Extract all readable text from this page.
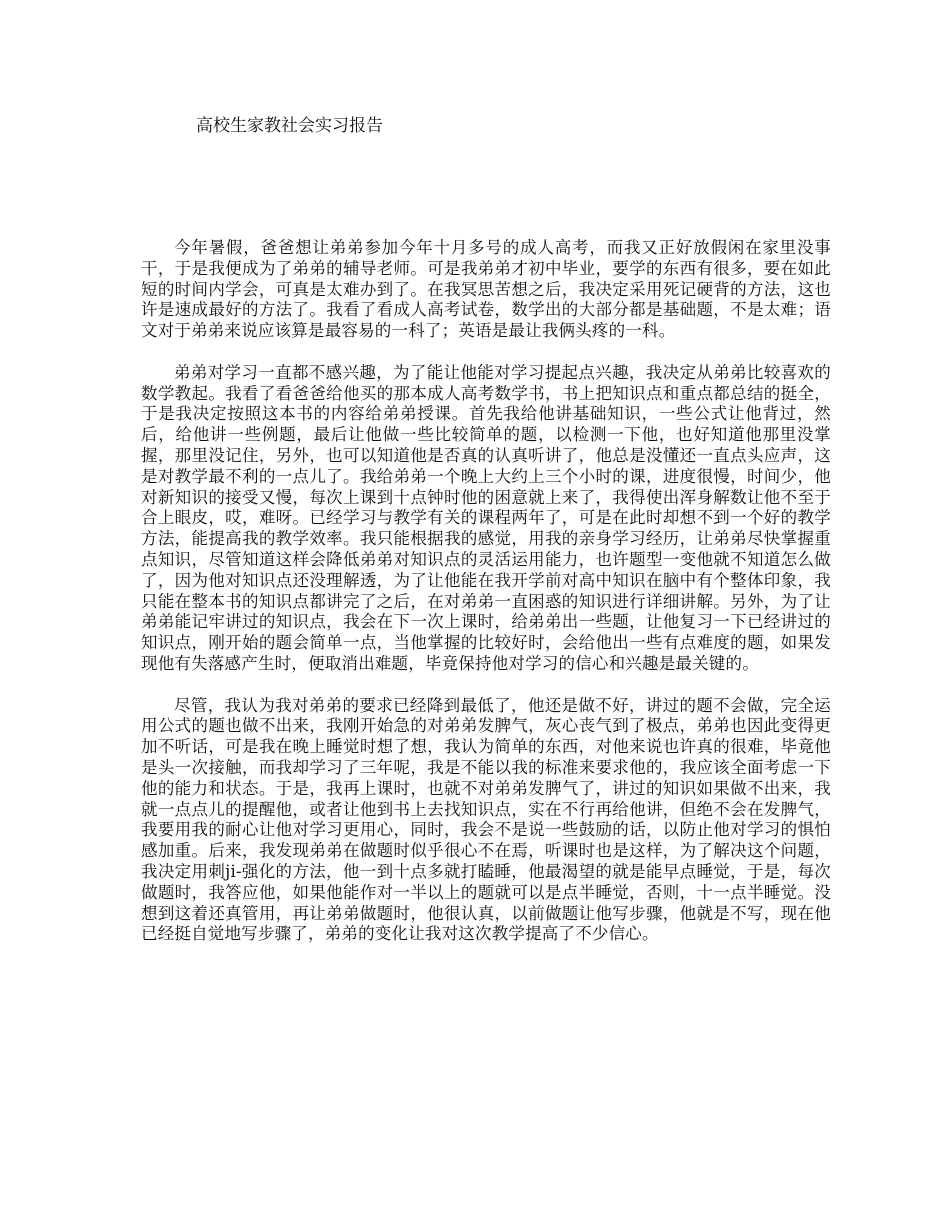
高校生家教社会实习报告

今年暑假，爸爸想让弟弟参加今年十月多号的成人高考，而我又正好放假闲在家里没事干，于是我便成为了弟弟的辅导老师。可是我弟弟才初中毕业，要学的东西有很多，要在如此短的时间内学会，可真是太难办到了。在我冥思苦想之后，我决定采用死记硬背的方法，这也许是速成最好的方法了。我看了看成人高考试卷，数学出的大部分都是基础题，不是太难；语文对于弟弟来说应该算是最容易的一科了；英语是最让我俩头疼的一科。

弟弟对学习一直都不感兴趣，为了能让他能对学习提起点兴趣，我决定从弟弟比较喜欢的数学教起。我看了看爸爸给他买的那本成人高考数学书，书上把知识点和重点都总结的挺全，于是我决定按照这本书的内容给弟弟授课。首先我给他讲基础知识，一些公式让他背过，然后，给他讲一些例题，最后让他做一些比较简单的题，以检测一下他，也好知道他那里没掌握，那里没记住，另外，也可以知道他是否真的认真听讲了，他总是没懂还一直点头应声，这是对教学最不利的一点儿了。我给弟弟一个晚上大约上三个小时的课，进度很慢，时间少，他对新知识的接受又慢，每次上课到十点钟时他的困意就上来了，我得使出浑身解数让他不至于合上眼皮，哎，难呀。已经学习与教学有关的课程两年了，可是在此时却想不到一个好的教学方法，能提高我的教学效率。我只能根据我的感觉，用我的亲身学习经历，让弟弟尽快掌握重点知识，尽管知道这样会降低弟弟对知识点的灵活运用能力，也许题型一变他就不知道怎么做了，因为他对知识点还没理解透，为了让他能在我开学前对高中知识在脑中有个整体印象，我只能在整本书的知识点都讲完了之后，在对弟弟一直困惑的知识进行详细讲解。另外，为了让弟弟能记牢讲过的知识点，我会在下一次上课时，给弟弟出一些题，让他复习一下已经讲过的知识点，刚开始的题会简单一点，当他掌握的比较好时，会给他出一些有点难度的题，如果发现他有失落感产生时，便取消出难题，毕竟保持他对学习的信心和兴趣是最关键的。

尽管，我认为我对弟弟的要求已经降到最低了，他还是做不好，讲过的题不会做，完全运用公式的题也做不出来，我刚开始急的对弟弟发脾气，灰心丧气到了极点，弟弟也因此变得更加不听话，可是我在晚上睡觉时想了想，我认为简单的东西，对他来说也许真的很难，毕竟他是头一次接触，而我却学习了三年呢，我是不能以我的标准来要求他的，我应该全面考虑一下他的能力和状态。于是，我再上课时，也就不对弟弟发脾气了，讲过的知识如果做不出来，我就一点点儿的提醒他，或者让他到书上去找知识点，实在不行再给他讲，但绝不会在发脾气，我要用我的耐心让他对学习更用心，同时，我会不是说一些鼓励的话，以防止他对学习的惧怕感加重。后来，我发现弟弟在做题时似乎很心不在焉，听课时也是这样，为了解决这个问题，我决定用刺ji-强化的方法，他一到十点多就打瞌睡，他最渴望的就是能早点睡觉，于是，每次做题时，我答应他，如果他能作对一半以上的题就可以是点半睡觉，否则，十一点半睡觉。没想到这着还真管用，再让弟弟做题时，他很认真，以前做题让他写步骤，他就是不写，现在他已经挺自觉地写步骤了，弟弟的变化让我对这次教学提高了不少信心。
